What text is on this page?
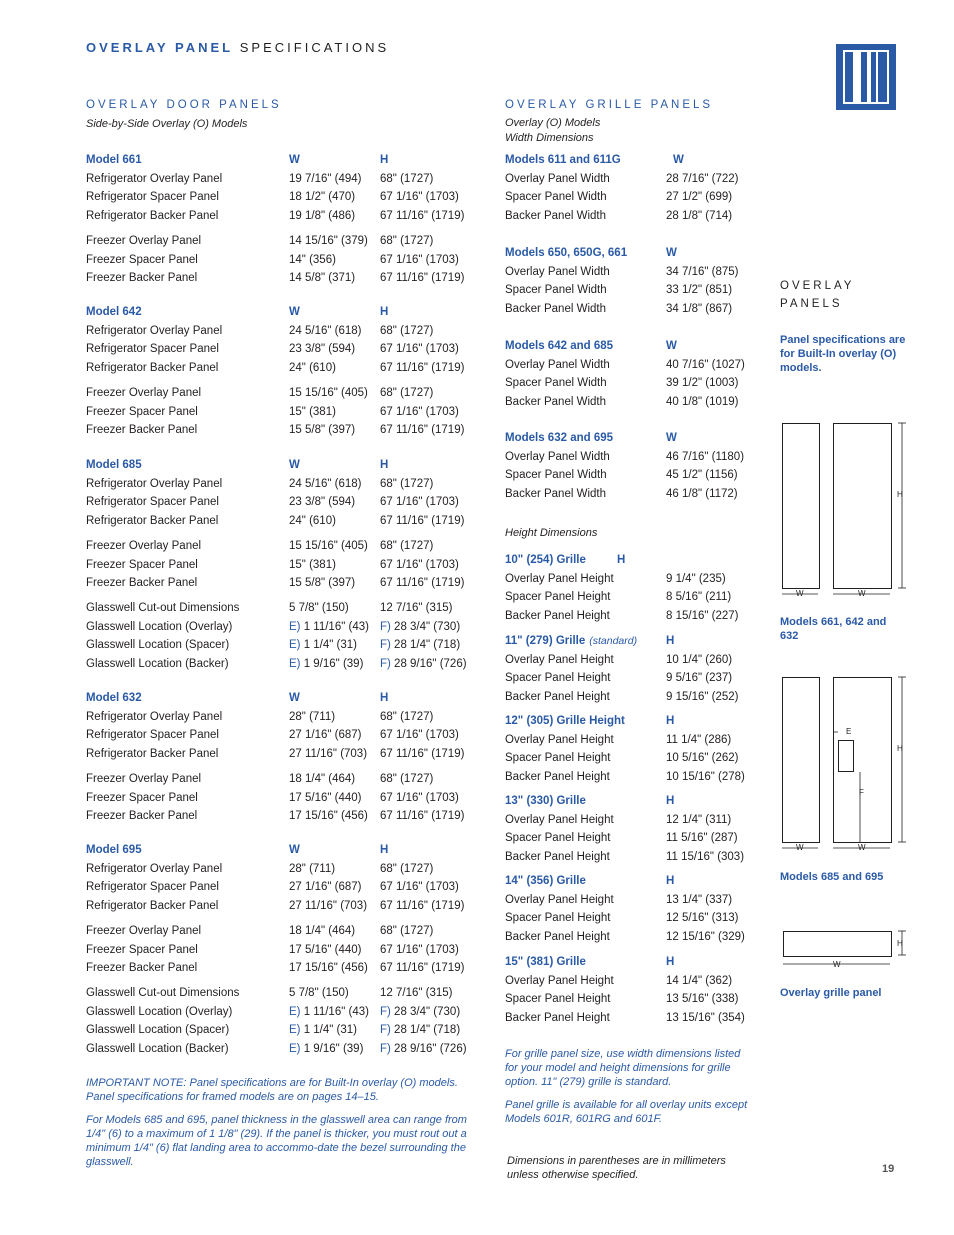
OVERLAY PANEL SPECIFICATIONS
OVERLAY DOOR PANELS
Side-by-Side Overlay (O) Models
Model 661	W	H
Refrigerator Overlay Panel	19 7/16" (494) 68" (1727)
Refrigerator Spacer Panel	18 1/2" (470) 67 1/16" (1703)
Refrigerator Backer Panel	19 1/8" (486) 67 11/16" (1719)
Freezer Overlay Panel	14 15/16" (379) 68" (1727)
Freezer Spacer Panel	14" (356)	67 1/16" (1703)
Freezer Backer Panel	14 5/8" (371) 67 11/16" (1719)
Model 642	W	H
Refrigerator Overlay Panel	24 5/16" (618) 68" (1727)
Refrigerator Spacer Panel	23 3/8" (594) 67 1/16" (1703)
Refrigerator Backer Panel	24" (610)	67 11/16" (1719)
Freezer Overlay Panel	15 15/16" (405) 68" (1727)
Freezer Spacer Panel	15" (381)	67 1/16" (1703)
Freezer Backer Panel	15 5/8" (397) 67 11/16" (1719)
Model 685	W	H
Refrigerator Overlay Panel	24 5/16" (618) 68" (1727)
Refrigerator Spacer Panel	23 3/8" (594) 67 1/16" (1703)
Refrigerator Backer Panel	24" (610)	67 11/16" (1719)
Freezer Overlay Panel	15 15/16" (405) 68" (1727)
Freezer Spacer Panel	15" (381)	67 1/16" (1703)
Freezer Backer Panel	15 5/8" (397) 67 11/16" (1719)
Glasswell Cut-out Dimensions	5 7/8" (150)	12 7/16" (315)
Glasswell Location (Overlay)	E) 1 11/16" (43) F) 28 3/4" (730)
Glasswell Location (Spacer)	E) 1 1/4" (31) F) 28 1/4" (718)
Glasswell Location (Backer)	E) 1 9/16" (39) F) 28 9/16" (726)
Model 632	W	H
Refrigerator Overlay Panel	28" (711)	68" (1727)
Refrigerator Spacer Panel	27 1/16" (687) 67 1/16" (1703)
Refrigerator Backer Panel	27 11/16" (703) 67 11/16" (1719)
Freezer Overlay Panel	18 1/4" (464) 68" (1727)
Freezer Spacer Panel	17 5/16" (440) 67 1/16" (1703)
Freezer Backer Panel	17 15/16" (456) 67 11/16" (1719)
Model 695	W	H
Refrigerator Overlay Panel	28" (711)	68" (1727)
Refrigerator Spacer Panel	27 1/16" (687) 67 1/16" (1703)
Refrigerator Backer Panel	27 11/16" (703) 67 11/16" (1719)
Freezer Overlay Panel	18 1/4" (464) 68" (1727)
Freezer Spacer Panel	17 5/16" (440) 67 1/16" (1703)
Freezer Backer Panel	17 15/16" (456) 67 11/16" (1719)
Glasswell Cut-out Dimensions	5 7/8" (150)	12 7/16" (315)
Glasswell Location (Overlay)	E) 1 11/16" (43) F) 28 3/4" (730)
Glasswell Location (Spacer)	E) 1 1/4" (31) F) 28 1/4" (718)
Glasswell Location (Backer)	E) 1 9/16" (39) F) 28 9/16" (726)
IMPORTANT NOTE: Panel specifications are for Built-In overlay (O) models. Panel specifications for framed models are on pages 14–15.
For Models 685 and 695, panel thickness in the glasswell area can range from 1/4" (6) to a maximum of 1 1/8" (29). If the panel is thicker, you must rout out a minimum 1/4" (6) flat landing area to accommo-date the bezel surrounding the glasswell.
OVERLAY GRILLE PANELS
Overlay (O) Models
Width Dimensions
Models 611 and 611G	W
Overlay Panel Width	28 7/16" (722)
Spacer Panel Width	27 1/2" (699)
Backer Panel Width	28 1/8" (714)
Models 650, 650G, 661	W
Overlay Panel Width	34 7/16" (875)
Spacer Panel Width	33 1/2" (851)
Backer Panel Width	34 1/8" (867)
Models 642 and 685	W
Overlay Panel Width	40 7/16" (1027)
Spacer Panel Width	39 1/2" (1003)
Backer Panel Width	40 1/8" (1019)
Models 632 and 695	W
Overlay Panel Width	46 7/16" (1180)
Spacer Panel Width	45 1/2" (1156)
Backer Panel Width	46 1/8" (1172)
Height Dimensions
10" (254) Grille	H
Overlay Panel Height	9 1/4" (235)
Spacer Panel Height	8 5/16" (211)
Backer Panel Height	8 15/16" (227)
11" (279) Grille (standard)	H
Overlay Panel Height	10 1/4" (260)
Spacer Panel Height	9 5/16" (237)
Backer Panel Height	9 15/16" (252)
12" (305) Grille Height	H
Overlay Panel Height	11 1/4" (286)
Spacer Panel Height	10 5/16" (262)
Backer Panel Height	10 15/16" (278)
13" (330) Grille	H
Overlay Panel Height	12 1/4" (311)
Spacer Panel Height	11 5/16" (287)
Backer Panel Height	11 15/16" (303)
14" (356) Grille	H
Overlay Panel Height	13 1/4" (337)
Spacer Panel Height	12 5/16" (313)
Backer Panel Height	12 15/16" (329)
15" (381) Grille	H
Overlay Panel Height	14 1/4" (362)
Spacer Panel Height	13 5/16" (338)
Backer Panel Height	13 15/16" (354)
For grille panel size, use width dimensions listed for your model and height dimensions for grille option. 11" (279) grille is standard.
Panel grille is available for all overlay units except Models 601R, 601RG and 601F.
Dimensions in parentheses are in millimeters unless otherwise specified.
OVERLAY
PANELS
Panel specifications are for Built-In overlay (O) models.
W	W
H
Models 661, 642 and 632
E
F
W	W
H
Models 685 and 695
W
H
Overlay grille panel
19
